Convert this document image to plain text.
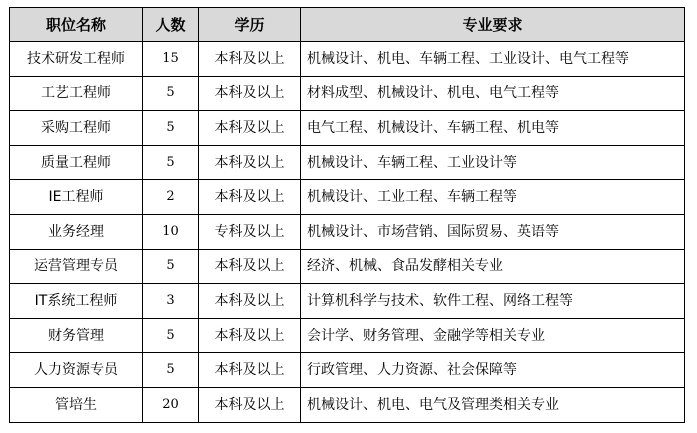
职位名称	人数	学历	专业要求
技术研发工程师	15	本科及以上	机械设计、机电、车辆工程、工业设计、电气工程等
工艺工程师	5	本科及以上	材料成型、机械设计、机电、电气工程等
采购工程师	5	本科及以上	电气工程、机械设计、车辆工程、机电等
质量工程师	5	本科及以上	机械设计、车辆工程、工业设计等
IE工程师	2	本科及以上	机械设计、工业工程、车辆工程等
业务经理	10	专科及以上	机械设计、市场营销、国际贸易、英语等
运营管理专员	5	本科及以上	经济、机械、食品发酵相关专业
IT系统工程师	3	本科及以上	计算机科学与技术、软件工程、网络工程等
财务管理	5	本科及以上	会计学、财务管理、金融学等相关专业
人力资源专员	5	本科及以上	行政管理、人力资源、社会保障等
管培生	20	本科及以上	机械设计、机电、电气及管理类相关专业
